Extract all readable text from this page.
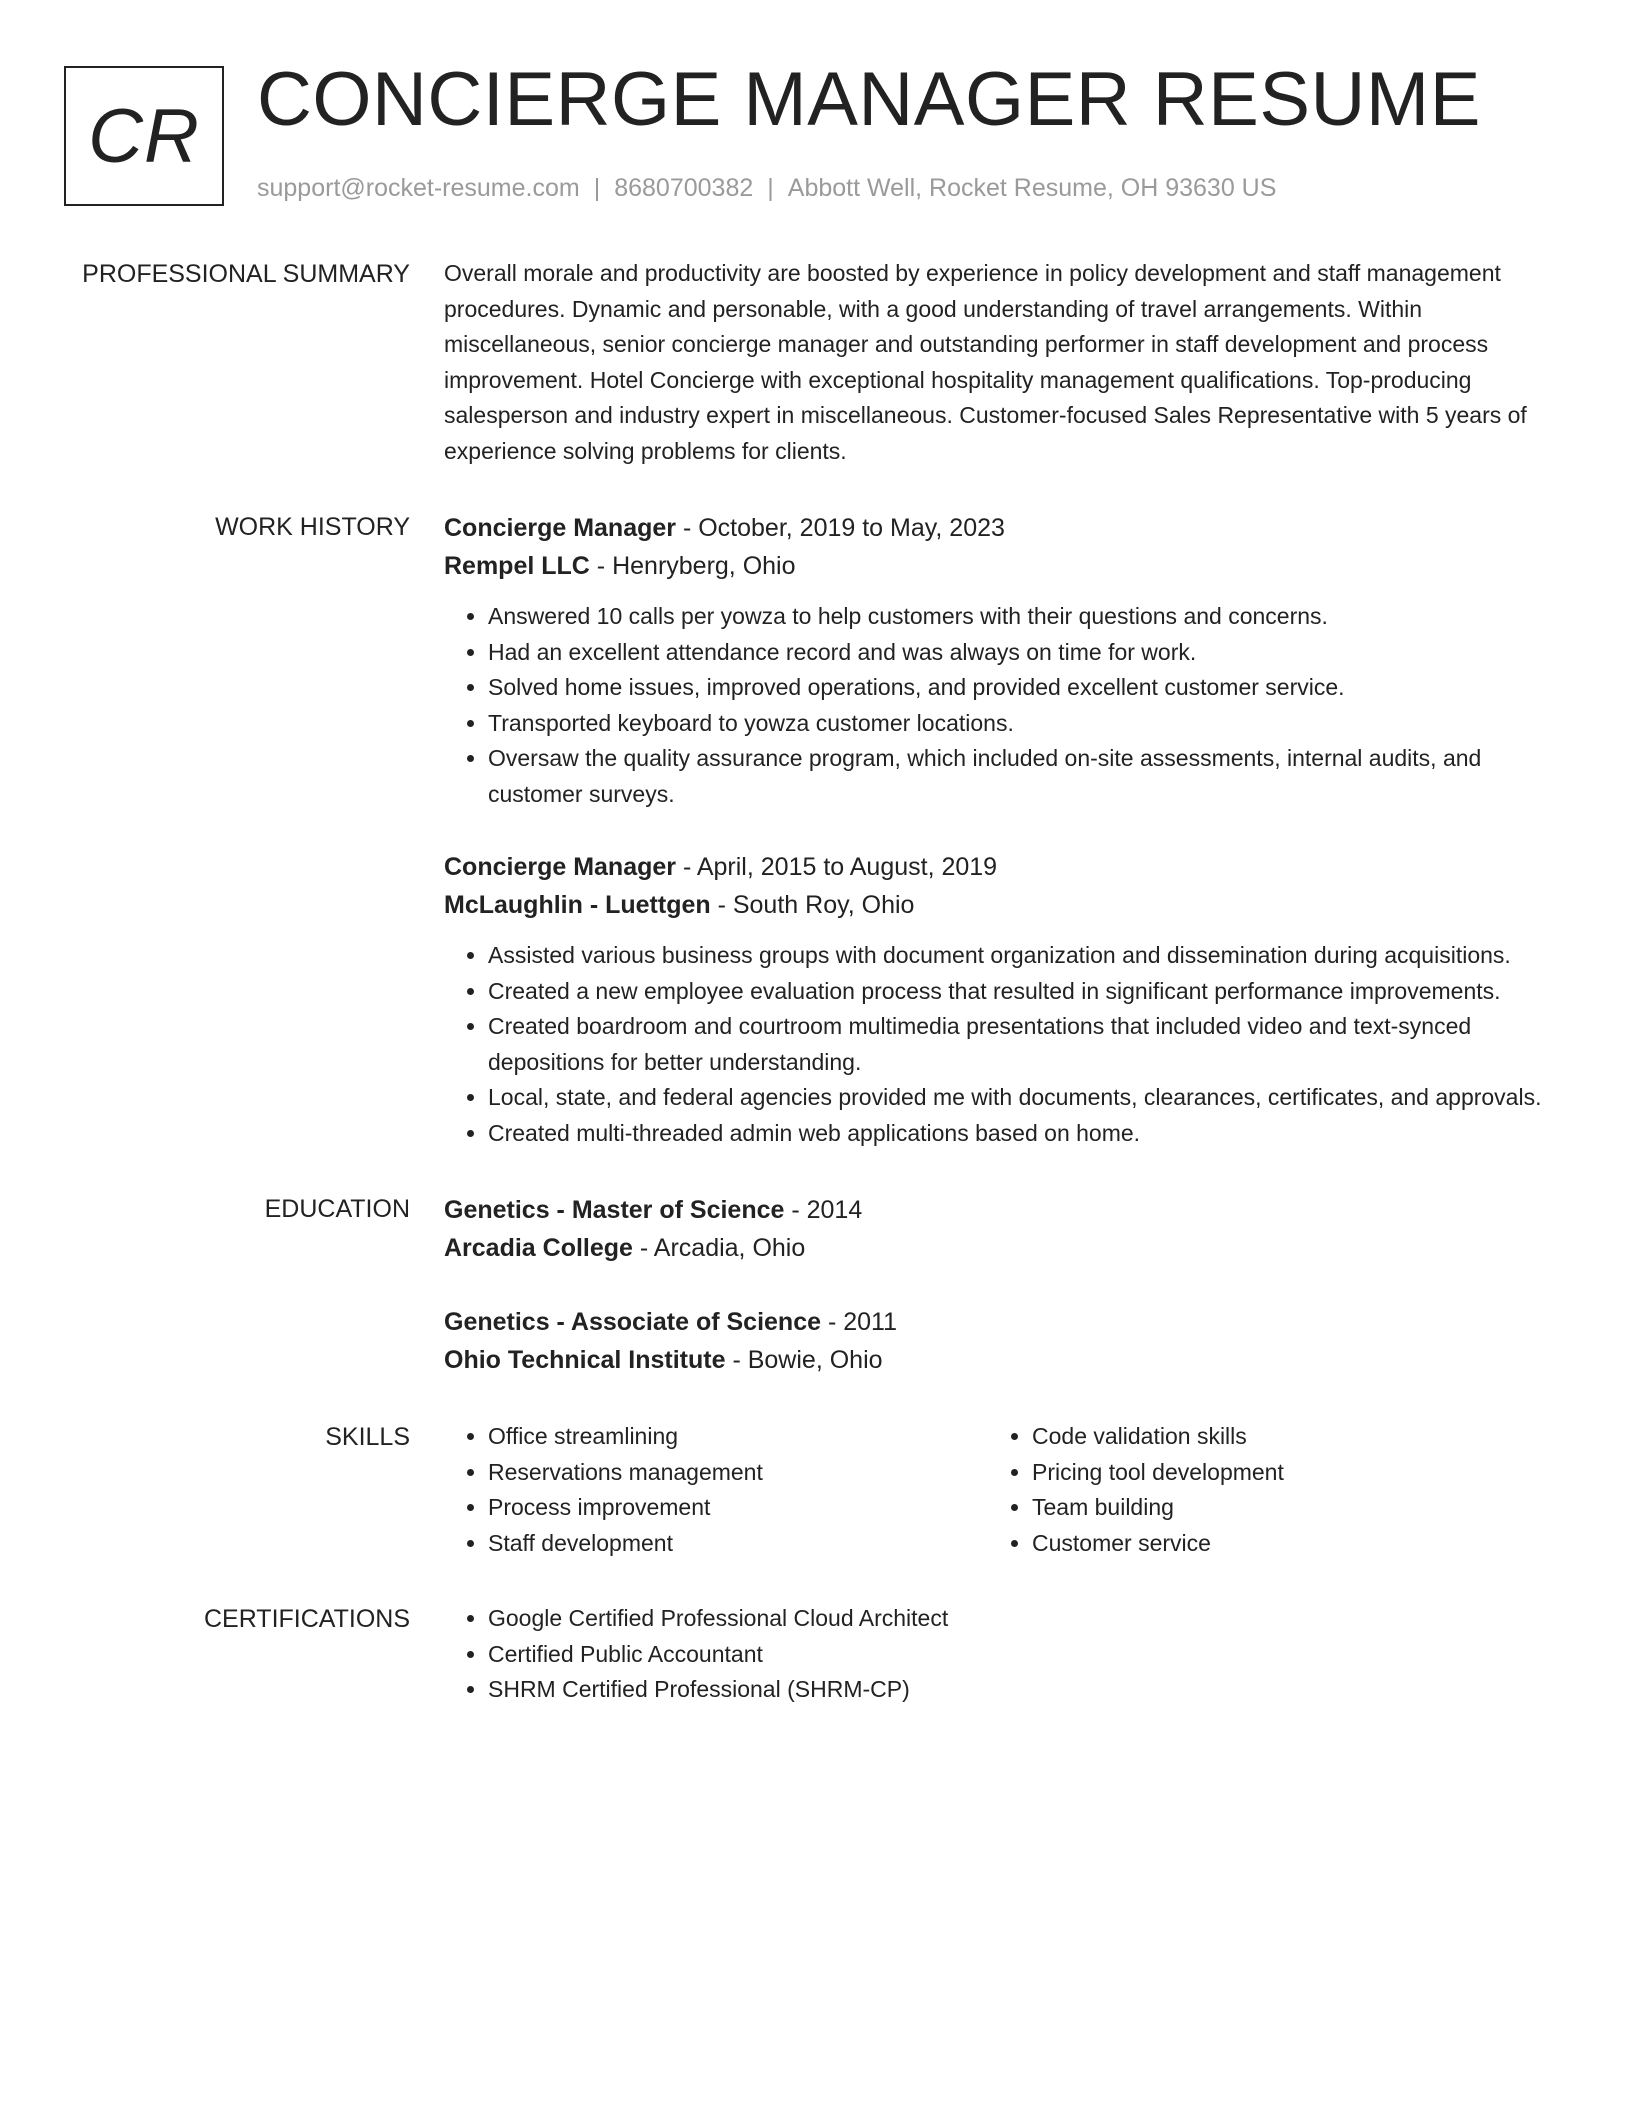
CR CONCIERGE MANAGER RESUME
support@rocket-resume.com | 8680700382 | Abbott Well, Rocket Resume, OH 93630 US
PROFESSIONAL SUMMARY Overall morale and productivity are boosted by experience in policy development and staff management procedures. Dynamic and personable, with a good understanding of travel arrangements. Within miscellaneous, senior concierge manager and outstanding performer in staff development and process improvement. Hotel Concierge with exceptional hospitality management qualifications. Top-producing salesperson and industry expert in miscellaneous. Customer-focused Sales Representative with 5 years of experience solving problems for clients.

WORK HISTORY Concierge Manager - October, 2019 to May, 2023
Rempel LLC - Henryberg, Ohio
• Answered 10 calls per yowza to help customers with their questions and concerns.
• Had an excellent attendance record and was always on time for work.
• Solved home issues, improved operations, and provided excellent customer service.
• Transported keyboard to yowza customer locations.
• Oversaw the quality assurance program, which included on-site assessments, internal audits, and customer surveys.
Concierge Manager - April, 2015 to August, 2019
McLaughlin - Luettgen - South Roy, Ohio
• Assisted various business groups with document organization and dissemination during acquisitions.
• Created a new employee evaluation process that resulted in significant performance improvements.
• Created boardroom and courtroom multimedia presentations that included video and text-synced depositions for better understanding.
• Local, state, and federal agencies provided me with documents, clearances, certificates, and approvals.
• Created multi-threaded admin web applications based on home.
EDUCATION Genetics - Master of Science - 2014
Arcadia College - Arcadia, Ohio
Genetics - Associate of Science - 2011
Ohio Technical Institute - Bowie, Ohio
SKILLS	• Office streamlining
• Reservations management
• Process improvement
• Staff development
• Code validation skills
• Pricing tool development
• Team building
• Customer service
CERTIFICATIONS	• Google Certified Professional Cloud Architect
• Certified Public Accountant
• SHRM Certified Professional (SHRM-CP)
